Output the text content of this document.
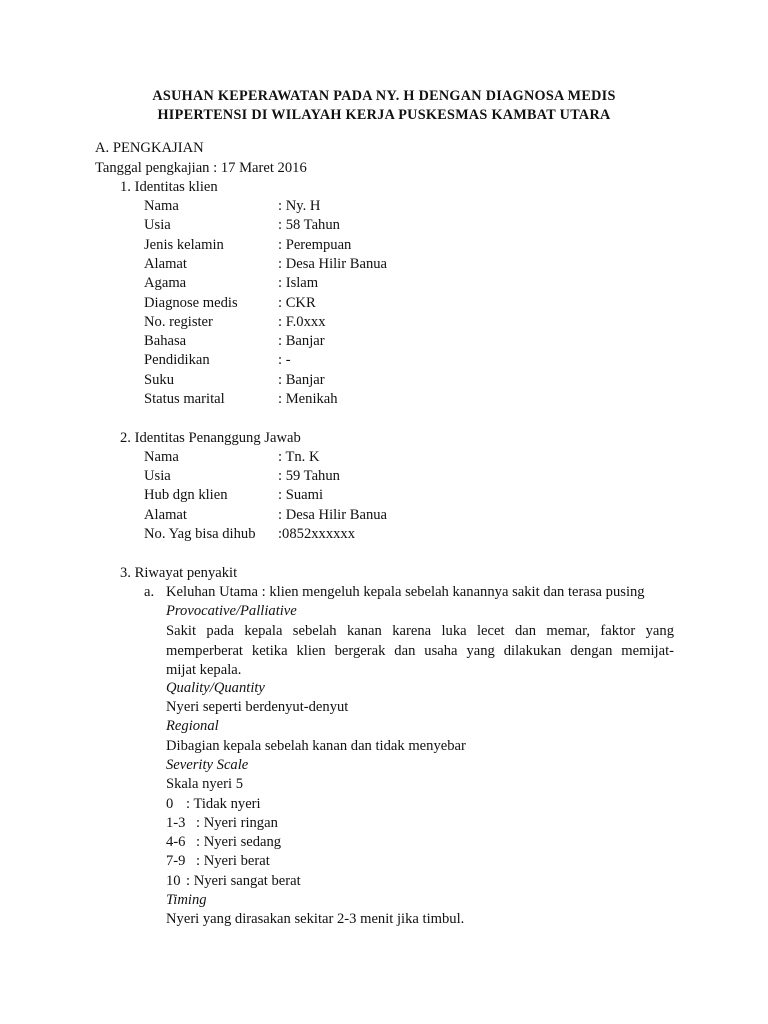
ASUHAN KEPERAWATAN PADA NY. H DENGAN DIAGNOSA MEDIS
HIPERTENSI DI WILAYAH KERJA PUSKESMAS KAMBAT UTARA
A. PENGKAJIAN
Tanggal pengkajian : 17 Maret 2016
1. Identitas klien
Nama	: Ny. H
Usia	: 58 Tahun
Jenis kelamin	: Perempuan
Alamat	: Desa Hilir Banua
Agama	: Islam
Diagnose medis	: CKR
No. register	: F.0xxx
Bahasa	: Banjar
Pendidikan	: -
Suku	: Banjar
Status marital	: Menikah
2. Identitas Penanggung Jawab
Nama	: Tn. K
Usia	: 59 Tahun
Hub dgn klien	: Suami
Alamat	: Desa Hilir Banua
No. Yag bisa dihub :0852xxxxxx
3. Riwayat penyakit
a. Keluhan Utama : klien mengeluh kepala sebelah kanannya sakit dan terasa pusing
Provocative/Palliative
Sakit pada kepala sebelah kanan karena luka lecet dan memar, faktor yang
memperberat ketika klien bergerak dan usaha yang dilakukan dengan memijat-
mijat kepala.
Quality/Quantity
Nyeri seperti berdenyut-denyut
Regional
Dibagian kepala sebelah kanan dan tidak menyebar
Severity Scale
Skala nyeri 5
0 : Tidak nyeri
1-3 : Nyeri ringan
4-6 : Nyeri sedang
7-9 : Nyeri berat
10 : Nyeri sangat berat
Timing
Nyeri yang dirasakan sekitar 2-3 menit jika timbul.
